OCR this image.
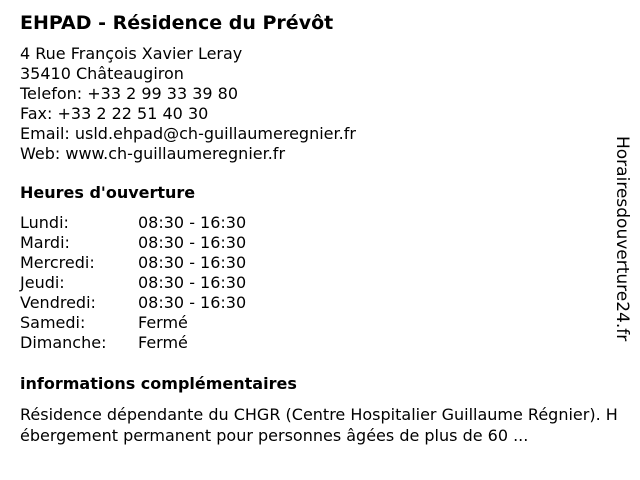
EHPAD - Résidence du Prévôt
4 Rue François Xavier Leray
35410 Châteaugiron
Telefon: +33 2 99 33 39 80
Fax: +33 2 22 51 40 30
Email: usld.ehpad@ch-guillaumeregnier.fr
Web: www.ch-guillaumeregnier.fr
Heures d'ouverture
Lundi:	08:30 - 16:30
Mardi:	08:30 - 16:30
Mercredi:	08:30 - 16:30
Jeudi:	08:30 - 16:30
Vendredi:	08:30 - 16:30
Samedi:	Fermé
Dimanche: Fermé
informations complémentaires
Résidence dépendante du CHGR (Centre Hospitalier Guillaume Régnier). Hébergement permanent pour personnes âgées de plus de 60 ...
Horairesdouverture24.fr
